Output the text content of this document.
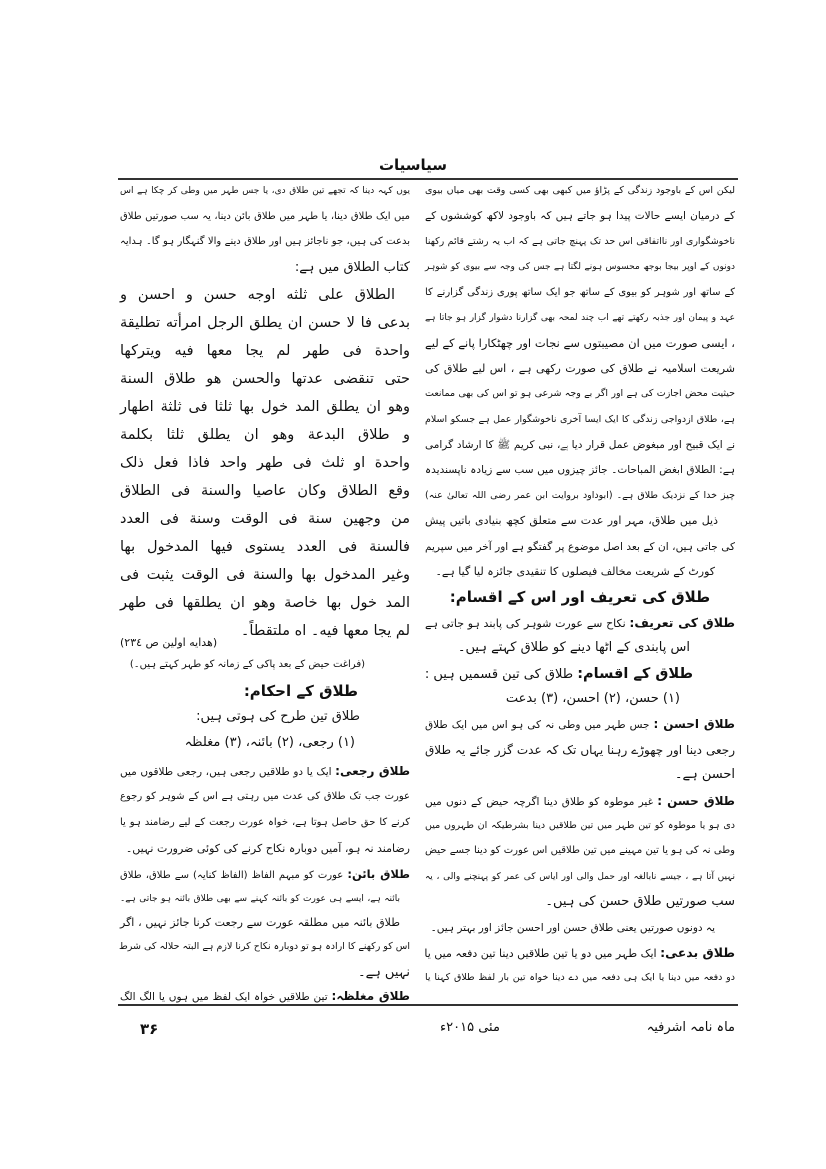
سیاسیات
لیکن اس کے باوجود زندگی کے پڑاؤ میں کبھی بھی کسی وقت بھی میاں بیوی
کے درمیان ایسے حالات پیدا ہو جاتے ہیں کہ باوجود لاکھ کوششوں کے
ناخوشگواری اور نااتفاقی اس حد تک پہنچ جاتی ہے کہ اب یہ رشتے قائم رکھنا
دونوں کے اوپر بیجا بوجھ محسوس ہونے لگتا ہے جس کی وجہ سے بیوی کو شوہر
کے ساتھ اور شوہر کو بیوی کے ساتھ جو ایک ساتھ پوری زندگی گزارنے کا
عہد و پیمان اور جذبہ رکھتے تھے اب چند لمحہ بھی گزارنا دشوار گزار ہو جاتا ہے
، ایسی صورت میں ان مصیبتوں سے نجات اور چھٹکارا پانے کے لیے
شریعت اسلامیہ نے طلاق کی صورت رکھی ہے ، اس لیے طلاق کی
حیثیت محض اجازت کی ہے اور اگر بے وجہ شرعی ہو تو اس کی بھی ممانعت
ہے، طلاق ازدواجی زندگی کا ایک ایسا آخری ناخوشگوار عمل ہے جسکو اسلام
نے ایک قبیح اور مبغوض عمل قرار دیا ہے، نبی کریم ﷺ کا ارشاد گرامی
ہے: الطلاق ابغض المباحات۔ جائز چیزوں میں سب سے زیادہ ناپسندیدہ
چیز خدا کے نزدیک طلاق ہے۔ (ابوداود بروایت ابن عمر رضی اللہ تعالیٰ عنہ)
ذیل میں طلاق، مہر اور عدت سے متعلق کچھ بنیادی باتیں پیش
کی جاتی ہیں، ان کے بعد اصل موضوع پر گفتگو ہے اور آخر میں سپریم
کورٹ کے شریعت مخالف فیصلوں کا تنقیدی جائزہ لیا گیا ہے۔
طلاق کی تعریف اور اس کے اقسام:
طلاق کی تعریف: نکاح سے عورت شوہر کی پابند ہو جاتی ہے
اس پابندی کے اٹھا دینے کو طلاق کہتے ہیں۔
طلاق کے اقسام: طلاق کی تین قسمیں ہیں :
(۱) حسن، (۲) احسن، (۳) بدعت
طلاق احسن : جس طہر میں وطی نہ کی ہو اس میں ایک طلاق
رجعی دینا اور چھوڑے رہنا یہاں تک کہ عدت گزر جائے یہ طلاق
احسن ہے۔
طلاق حسن : غیر موطوہ کو طلاق دینا اگرچہ حیض کے دنوں میں
دی ہو یا موطوہ کو تین طہر میں تین طلاقیں دینا بشرطیکہ ان طہروں میں
وطی نہ کی ہو یا تین مہینے میں تین طلاقیں اس عورت کو دینا جسے حیض
نہیں آتا ہے ، جیسے نابالغہ اور حمل والی اور ایاس کی عمر کو پہنچنے والی ، یہ
سب صورتیں طلاق حسن کی ہیں۔
یہ دونوں صورتیں یعنی طلاق حسن اور احسن جائز اور بہتر ہیں۔
طلاق بدعی: ایک طہر میں دو یا تین طلاقیں دینا تین دفعہ میں یا
دو دفعہ میں دینا یا ایک ہی دفعہ میں دے دینا خواہ تین بار لفظ طلاق کہنا یا
یوں کہہ دینا کہ تجھے تین طلاق دی، یا جس طہر میں وطی کر چکا ہے اس
میں ایک طلاق دینا، یا طہر میں طلاق بائن دینا، یہ سب صورتیں طلاق
بدعت کی ہیں، جو ناجائز ہیں اور طلاق دینے والا گنہگار ہو گا۔ ہدایہ
کتاب الطلاق میں ہے:
الطلاق علی ثلثه اوجه حسن و احسن و
بدعی فا لا حسن ان یطلق الرجل امرأته تطلیقة
واحدة فی طهر لم یجا معها فیه ویترکها
حتی تنقضی عدتها والحسن هو طلاق السنة
وهو ان یطلق المد خول بها ثلثا فی ثلثة اطهار
و طلاق البدعة وهو ان یطلق ثلثا بکلمة
واحدة او ثلث فی طهر واحد فاذا فعل ذلک
وقع الطلاق وکان عاصیا والسنة فی الطلاق
من وجهین سنة فی الوقت وسنة فی العدد
فالسنة فی العدد یستوی فیها المدخول بها
وغیر المدخول بها والسنة فی الوقت یثبت فی
المد خول بها خاصة وهو ان یطلقها فی طهر
لم یجا معها فیه۔ اه ملتقطاً۔
(هدایه اولین ص ۲۳٤)
(فراغت حیض کے بعد پاکی کے زمانہ کو طہر کہتے ہیں۔)
طلاق کے احکام:
طلاق تین طرح کی ہوتی ہیں:
(۱) رجعی، (۲) بائنہ، (۳) مغلظہ
طلاق رجعی: ایک یا دو طلاقیں رجعی ہیں، رجعی طلاقوں میں
عورت جب تک طلاق کی عدت میں رہتی ہے اس کے شوہر کو رجوع
کرنے کا حق حاصل ہوتا ہے، خواہ عورت رجعت کے لیے رضامند ہو یا
رضامند نہ ہو، آمیں دوبارہ نکاح کرنے کی کوئی ضرورت نہیں۔
طلاق بائن: عورت کو مبہم الفاظ (الفاظ کنایہ) سے طلاق، طلاق
بائنہ ہے، ایسے ہی عورت کو بائنہ کہنے سے بھی طلاق بائنہ ہو جاتی ہے۔
طلاق بائنہ میں مطلقہ عورت سے رجعت کرنا جائز نہیں ، اگر
اس کو رکھنے کا ارادہ ہو تو دوبارہ نکاح کرنا لازم ہے البتہ حلالہ کی شرط
نہیں ہے۔
طلاق مغلظہ: تین طلاقیں خواہ ایک لفظ میں ہوں یا الگ الگ
ماہ نامہ اشرفیہ
مئی ۲۰۱۵ء
۳۶
